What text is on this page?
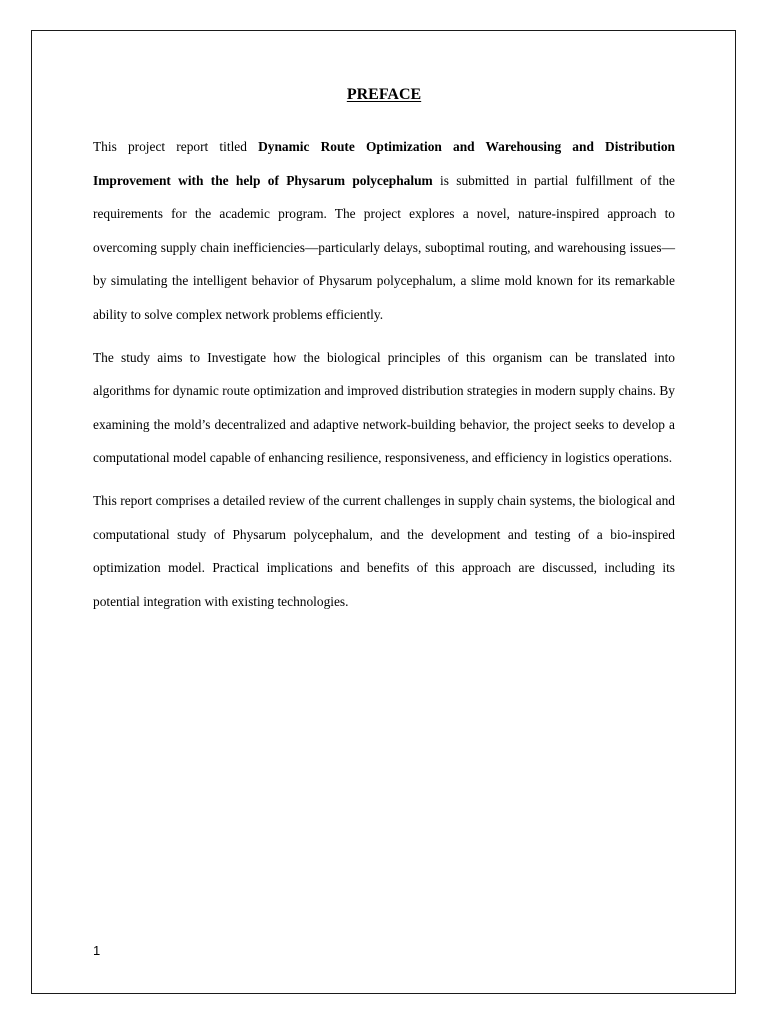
PREFACE

This project report titled Dynamic Route Optimization and Warehousing and Distribution Improvement with the help of Physarum polycephalum is submitted in partial fulfillment of the requirements for the academic program. The project explores a novel, nature-inspired approach to overcoming supply chain inefficiencies—particularly delays, suboptimal routing, and warehousing issues—by simulating the intelligent behavior of Physarum polycephalum, a slime mold known for its remarkable ability to solve complex network problems efficiently.

The study aims to Investigate how the biological principles of this organism can be translated into algorithms for dynamic route optimization and improved distribution strategies in modern supply chains. By examining the mold’s decentralized and adaptive network-building behavior, the project seeks to develop a computational model capable of enhancing resilience, responsiveness, and efficiency in logistics operations.

This report comprises a detailed review of the current challenges in supply chain systems, the biological and computational study of Physarum polycephalum, and the development and testing of a bio-inspired optimization model. Practical implications and benefits of this approach are discussed, including its potential integration with existing technologies.

1
